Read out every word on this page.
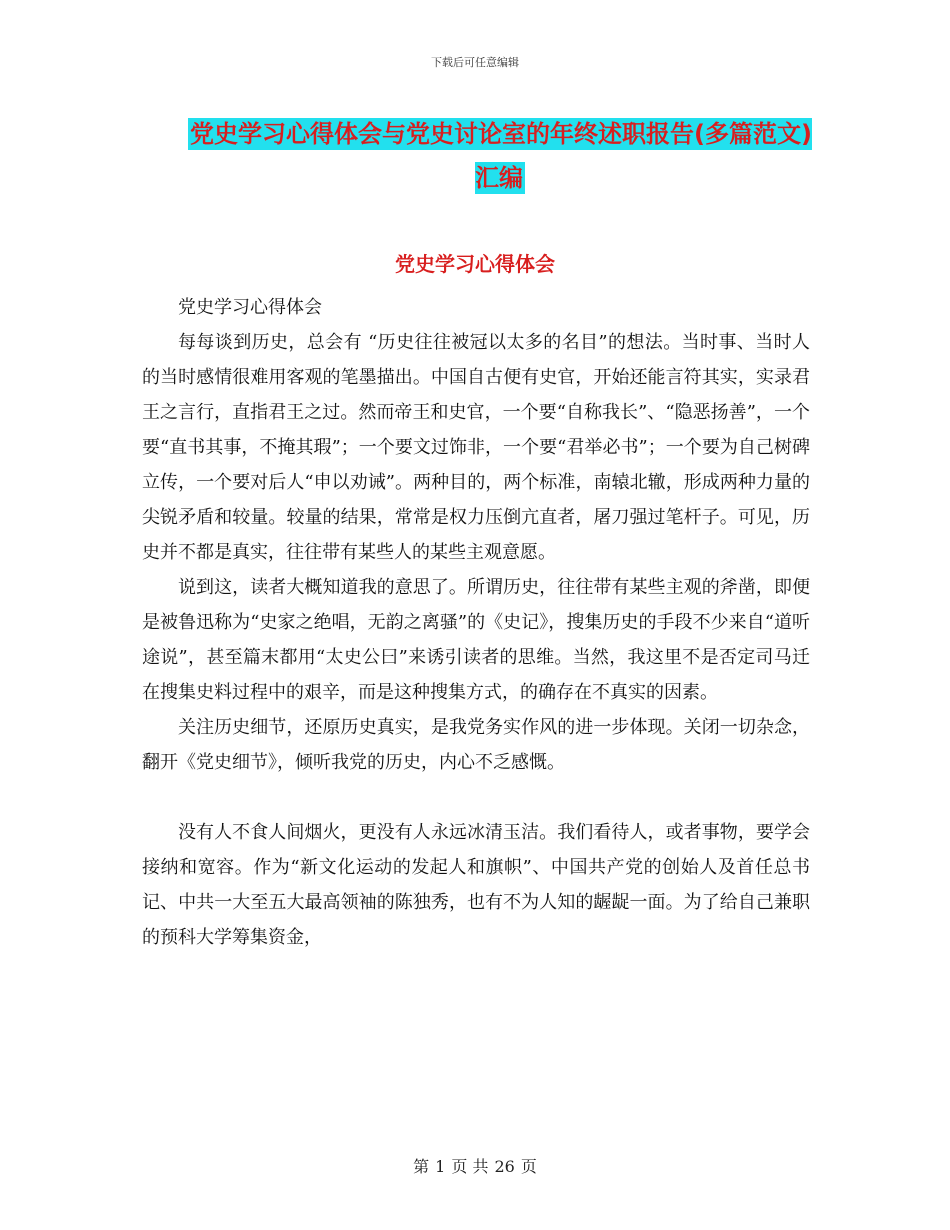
下载后可任意编辑
党史学习心得体会与党史讨论室的年终述职报告(多篇范文)汇编
党史学习心得体会

党史学习心得体会

每每谈到历史，总会有 “历史往往被冠以太多的名目”的想法。当时事、当时人的当时感情很难用客观的笔墨描出。中国自古便有史官，开始还能言符其实，实录君王之言行，直指君王之过。然而帝王和史官，一个要“自称我长”、“隐恶扬善”，一个要“直书其事，不掩其瑕”；一个要文过饰非，一个要“君举必书”；一个要为自己树碑立传，一个要对后人“申以劝诫”。两种目的，两个标准，南辕北辙，形成两种力量的尖锐矛盾和较量。较量的结果，常常是权力压倒亢直者，屠刀强过笔杆子。可见，历史并不都是真实，往往带有某些人的某些主观意愿。

说到这，读者大概知道我的意思了。所谓历史，往往带有某些主观的斧凿，即便是被鲁迅称为“史家之绝唱，无韵之离骚”的《史记》，搜集历史的手段不少来自“道听途说”，甚至篇末都用“太史公曰”来诱引读者的思维。当然，我这里不是否定司马迁在搜集史料过程中的艰辛，而是这种搜集方式，的确存在不真实的因素。

关注历史细节，还原历史真实，是我党务实作风的进一步体现。关闭一切杂念，翻开《党史细节》，倾听我党的历史，内心不乏感慨。

没有人不食人间烟火，更没有人永远冰清玉洁。我们看待人，或者事物，要学会接纳和宽容。作为“新文化运动的发起人和旗帜”、中国共产党的创始人及首任总书记、中共一大至五大最高领袖的陈独秀，也有不为人知的龌龊一面。为了给自己兼职的预科大学筹集资金，

第 1 页 共 26 页
